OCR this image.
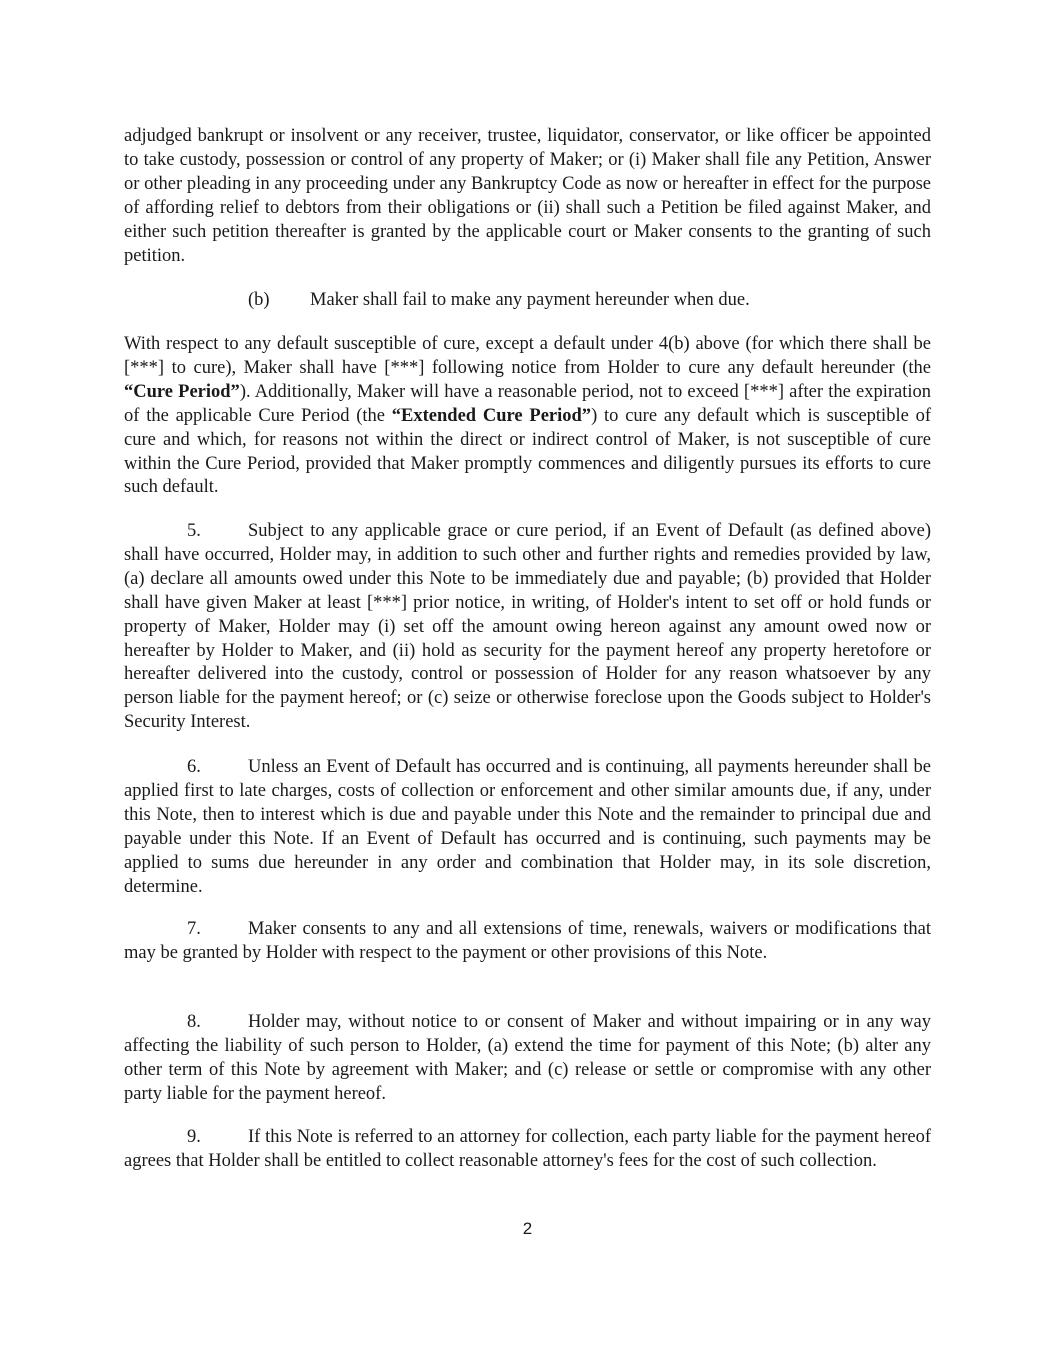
adjudged bankrupt or insolvent or any receiver, trustee, liquidator, conservator, or like officer be appointed to take custody, possession or control of any property of Maker; or (i) Maker shall file any Petition, Answer or other pleading in any proceeding under any Bankruptcy Code as now or hereafter in effect for the purpose of affording relief to debtors from their obligations or (ii) shall such a Petition be filed against Maker, and either such petition thereafter is granted by the applicable court or Maker consents to the granting of such petition.

(b) Maker shall fail to make any payment hereunder when due.

With respect to any default susceptible of cure, except a default under 4(b) above (for which there shall be [***] to cure), Maker shall have [***] following notice from Holder to cure any default hereunder (the “Cure Period”). Additionally, Maker will have a reasonable period, not to exceed [***] after the expiration of the applicable Cure Period (the “Extended Cure Period”) to cure any default which is susceptible of cure and which, for reasons not within the direct or indirect control of Maker, is not susceptible of cure within the Cure Period, provided that Maker promptly commences and diligently pursues its efforts to cure such default.

5.	Subject to any applicable grace or cure period, if an Event of Default (as defined above) shall have occurred, Holder may, in addition to such other and further rights and remedies provided by law, (a) declare all amounts owed under this Note to be immediately due and payable; (b) provided that Holder shall have given Maker at least [***] prior notice, in writing, of Holder's intent to set off or hold funds or property of Maker, Holder may (i) set off the amount owing hereon against any amount owed now or hereafter by Holder to Maker, and (ii) hold as security for the payment hereof any property heretofore or hereafter delivered into the custody, control or possession of Holder for any reason whatsoever by any person liable for the payment hereof; or (c) seize or otherwise foreclose upon the Goods subject to Holder's Security Interest.

6.	Unless an Event of Default has occurred and is continuing, all payments hereunder shall be applied first to late charges, costs of collection or enforcement and other similar amounts due, if any, under this Note, then to interest which is due and payable under this Note and the remainder to principal due and payable under this Note. If an Event of Default has occurred and is continuing, such payments may be applied to sums due hereunder in any order and combination that Holder may, in its sole discretion, determine.

7.	Maker consents to any and all extensions of time, renewals, waivers or modifications that may be granted by Holder with respect to the payment or other provisions of this Note.

8.	Holder may, without notice to or consent of Maker and without impairing or in any way affecting the liability of such person to Holder, (a) extend the time for payment of this Note; (b) alter any other term of this Note by agreement with Maker; and (c) release or settle or compromise with any other party liable for the payment hereof.

9.	If this Note is referred to an attorney for collection, each party liable for the payment hereof agrees that Holder shall be entitled to collect reasonable attorney's fees for the cost of such collection.

2
